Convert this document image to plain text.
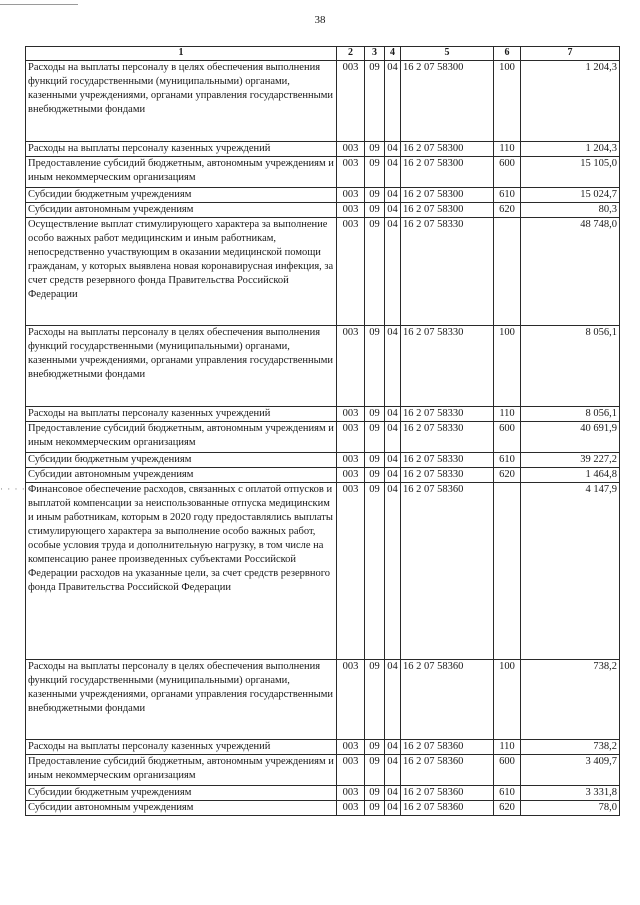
38
· · · · ·
1	2	3	4	5	6	7
Расходы на выплаты персоналу в целях обеспечения выполнения функций государственными (муниципальными) органами, казенными учреждениями, органами управления государственными внебюджетными фондами	003	09	04	16 2 07 58300	100	1 204,3
Расходы на выплаты персоналу казенных учреждений	003	09	04	16 2 07 58300	110	1 204,3
Предоставление субсидий бюджетным, автономным учреждениям и иным некоммерческим организациям	003	09	04	16 2 07 58300	600	15 105,0
Субсидии бюджетным учреждениям	003	09	04	16 2 07 58300	610	15 024,7
Субсидии автономным учреждениям	003	09	04	16 2 07 58300	620	80,3
Осуществление выплат стимулирующего характера за выполнение особо важных работ медицинским и иным работникам, непосредственно участвующим в оказании медицинской помощи гражданам, у которых выявлена новая коронавирусная инфекция, за счет средств резервного фонда Правительства Российской Федерации	003	09	04	16 2 07 58330		48 748,0
Расходы на выплаты персоналу в целях обеспечения выполнения функций государственными (муниципальными) органами, казенными учреждениями, органами управления государственными внебюджетными фондами	003	09	04	16 2 07 58330	100	8 056,1
Расходы на выплаты персоналу казенных учреждений	003	09	04	16 2 07 58330	110	8 056,1
Предоставление субсидий бюджетным, автономным учреждениям и иным некоммерческим организациям	003	09	04	16 2 07 58330	600	40 691,9
Субсидии бюджетным учреждениям	003	09	04	16 2 07 58330	610	39 227,2
Субсидии автономным учреждениям	003	09	04	16 2 07 58330	620	1 464,8
Финансовое обеспечение расходов, связанных с оплатой отпусков и выплатой компенсации за неиспользованные отпуска медицинским и иным работникам, которым в 2020 году предоставлялись выплаты стимулирующего характера за выполнение особо важных работ, особые условия труда и дополнительную нагрузку, в том числе на компенсацию ранее произведенных субъектами Российской Федерации расходов на указанные цели, за счет средств резервного фонда Правительства Российской Федерации	003	09	04	16 2 07 58360		4 147,9
Расходы на выплаты персоналу в целях обеспечения выполнения функций государственными (муниципальными) органами, казенными учреждениями, органами управления государственными внебюджетными фондами	003	09	04	16 2 07 58360	100	738,2
Расходы на выплаты персоналу казенных учреждений	003	09	04	16 2 07 58360	110	738,2
Предоставление субсидий бюджетным, автономным учреждениям и иным некоммерческим организациям	003	09	04	16 2 07 58360	600	3 409,7
Субсидии бюджетным учреждениям	003	09	04	16 2 07 58360	610	3 331,8
Субсидии автономным учреждениям	003	09	04	16 2 07 58360	620	78,0
